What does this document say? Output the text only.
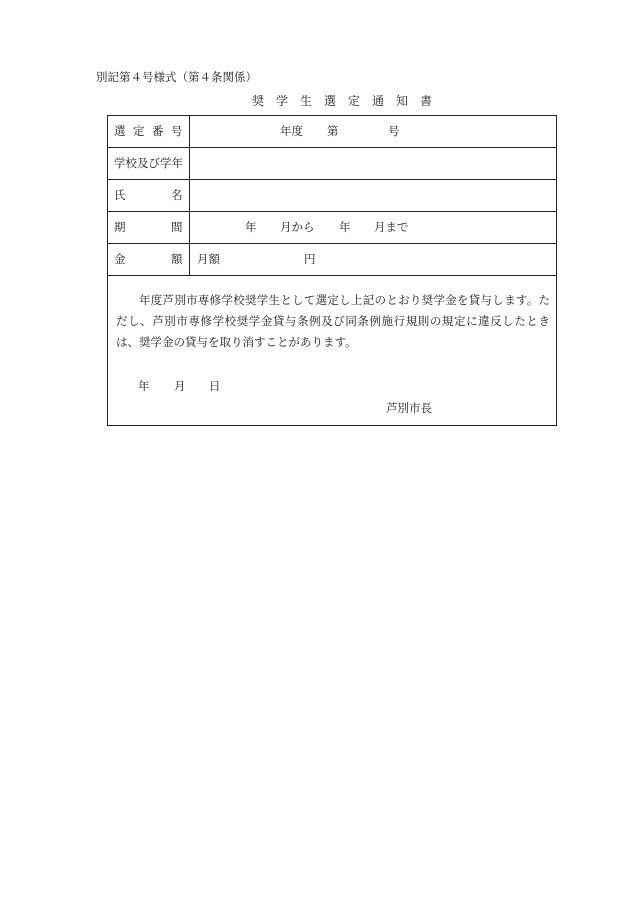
別記第４号様式（第４条関係）
奨 学 生 選 定 通 知 書
選 定 番 号	年度 第	号
学校及び学年
氏	名
期	間	年 月から 年 月まで
金	額 月額	円
年度芦別市専修学校奨学生として選定し上記のとおり奨学金を貸与します。ただし、芦別市専修学校奨学金貸与条例及び同条例施行規則の規定に違反したときは、奨学金の貸与を取り消すことがあります。
年 月 日
芦別市長
